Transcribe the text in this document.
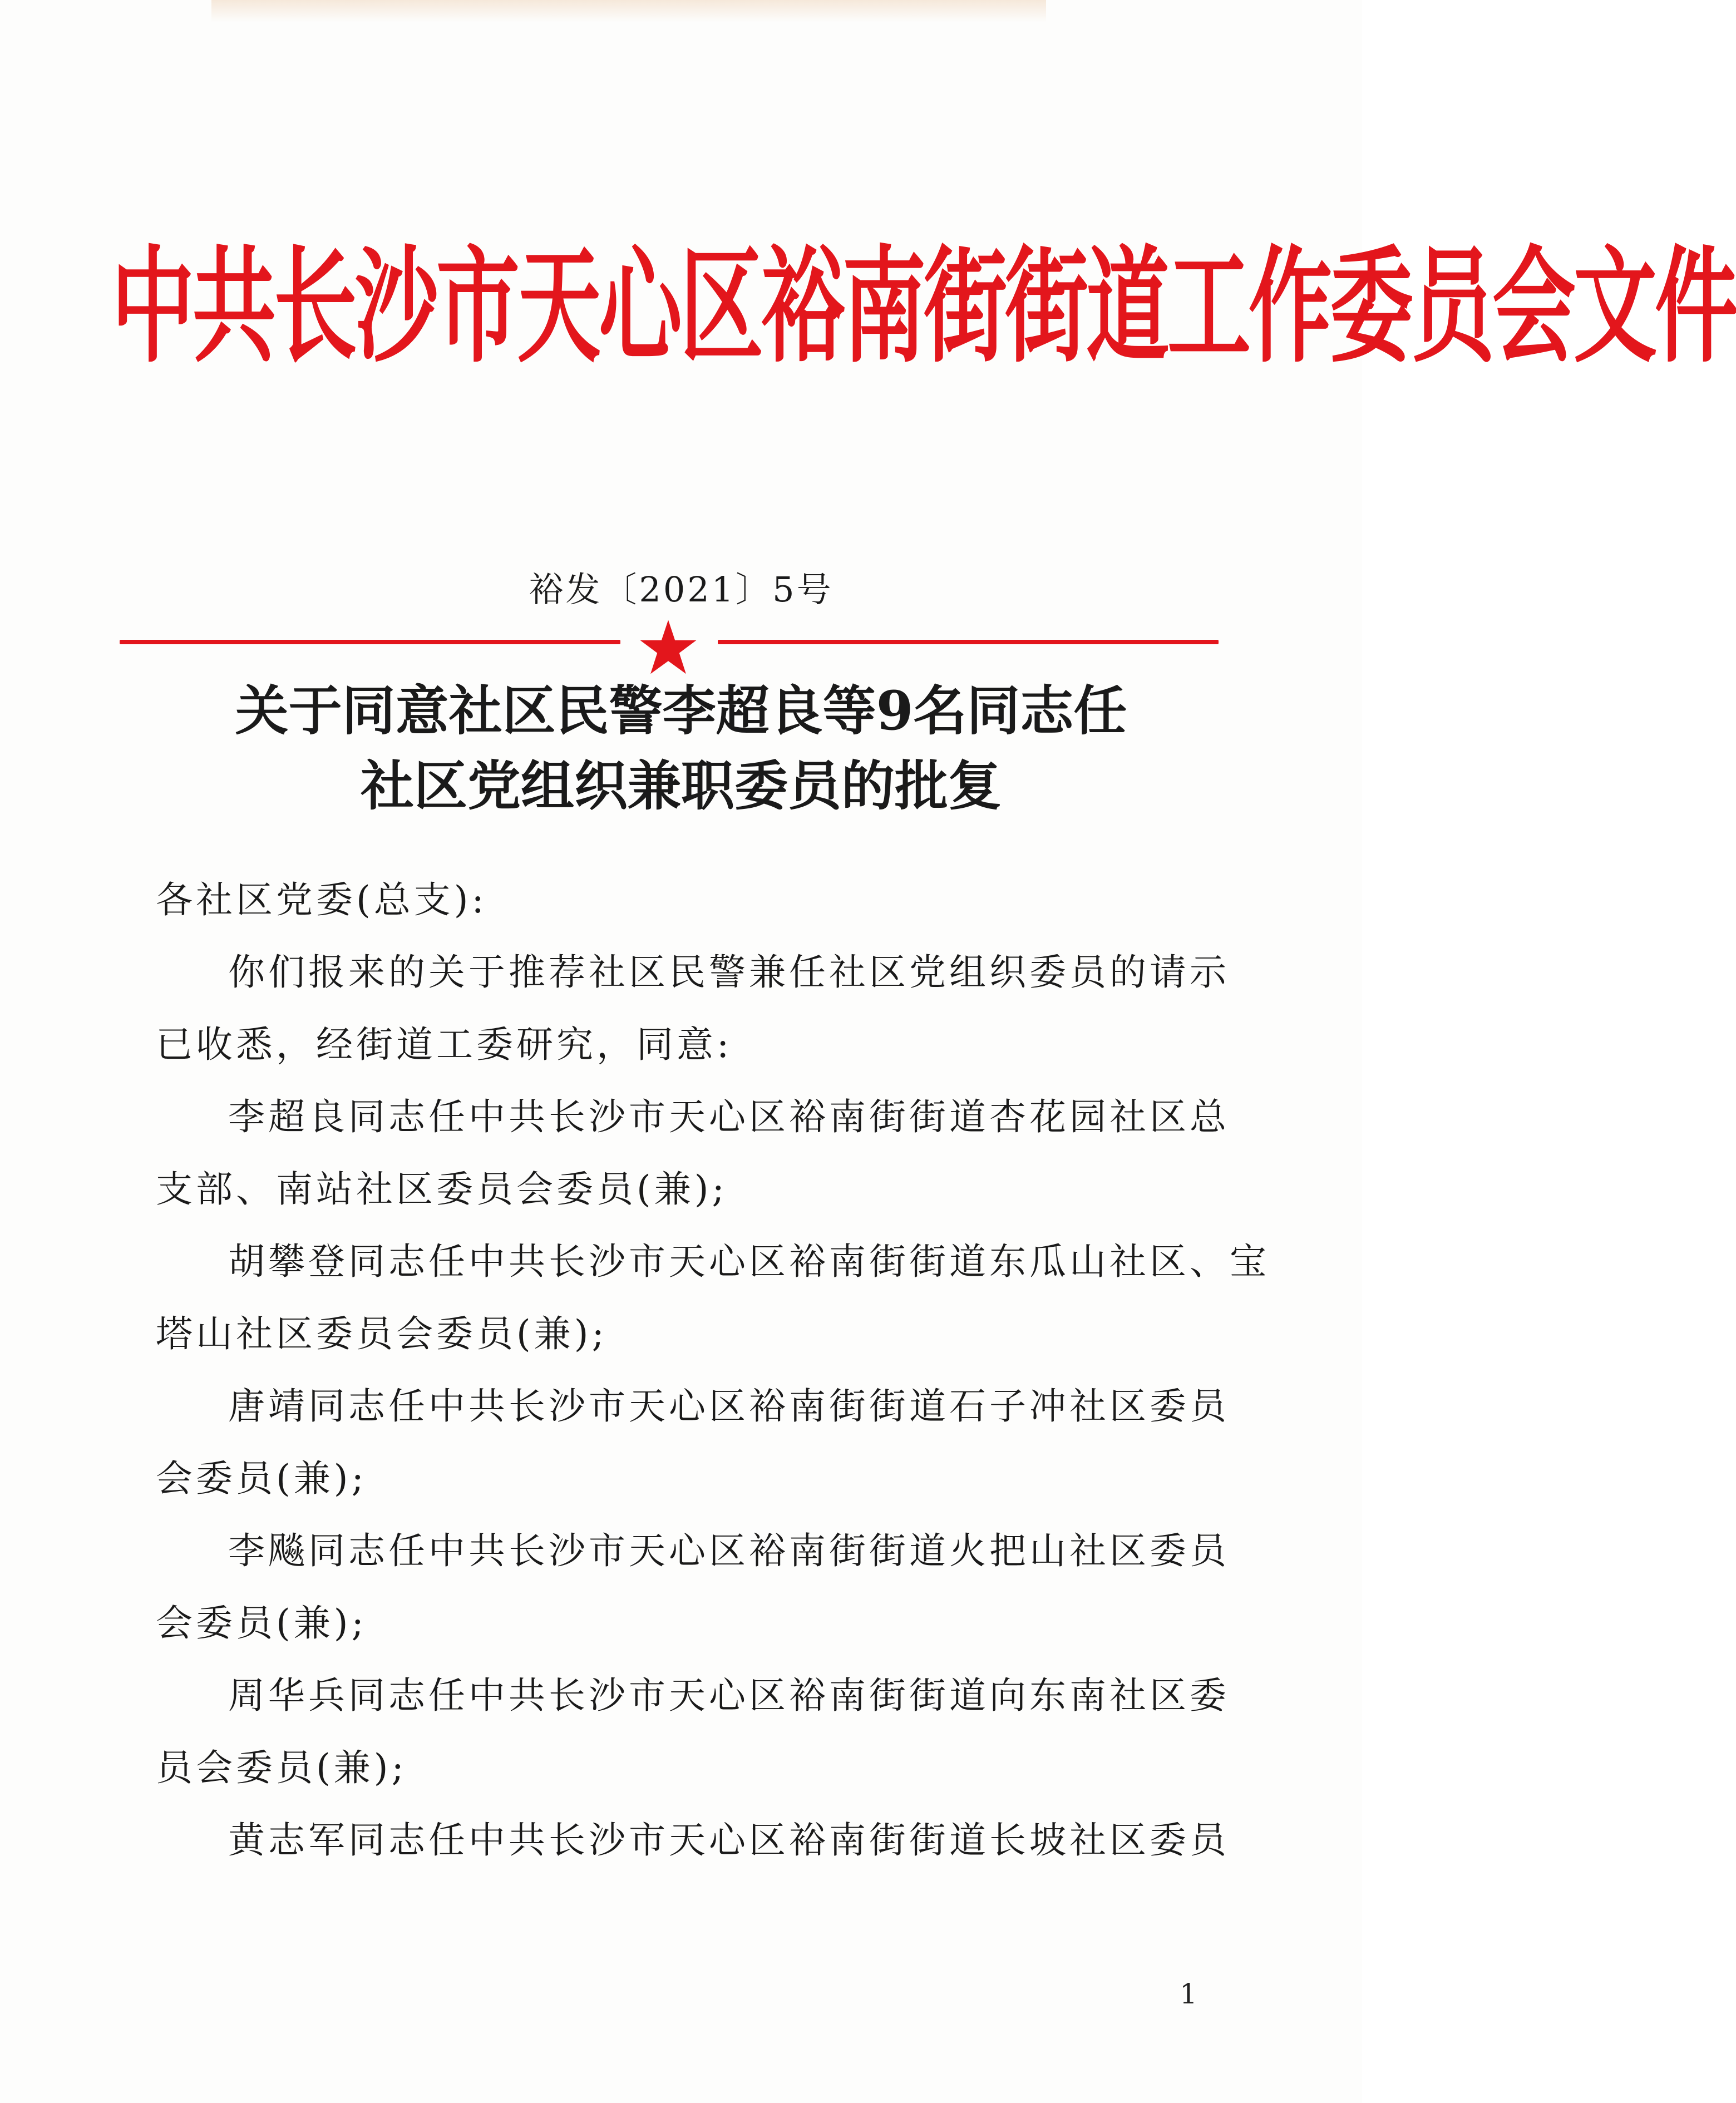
中共长沙市天心区裕南街街道工作委员会文件
裕发〔2021〕5号
关于同意社区民警李超良等9名同志任
社区党组织兼职委员的批复
各社区党委(总支):
你们报来的关于推荐社区民警兼任社区党组织委员的请示
已收悉，经街道工委研究，同意:
李超良同志任中共长沙市天心区裕南街街道杏花园社区总
支部、南站社区委员会委员(兼);
胡攀登同志任中共长沙市天心区裕南街街道东瓜山社区、宝
塔山社区委员会委员(兼);
唐靖同志任中共长沙市天心区裕南街街道石子冲社区委员
会委员(兼);
李飚同志任中共长沙市天心区裕南街街道火把山社区委员
会委员(兼);
周华兵同志任中共长沙市天心区裕南街街道向东南社区委
员会委员(兼);
黄志军同志任中共长沙市天心区裕南街街道长坡社区委员
1
